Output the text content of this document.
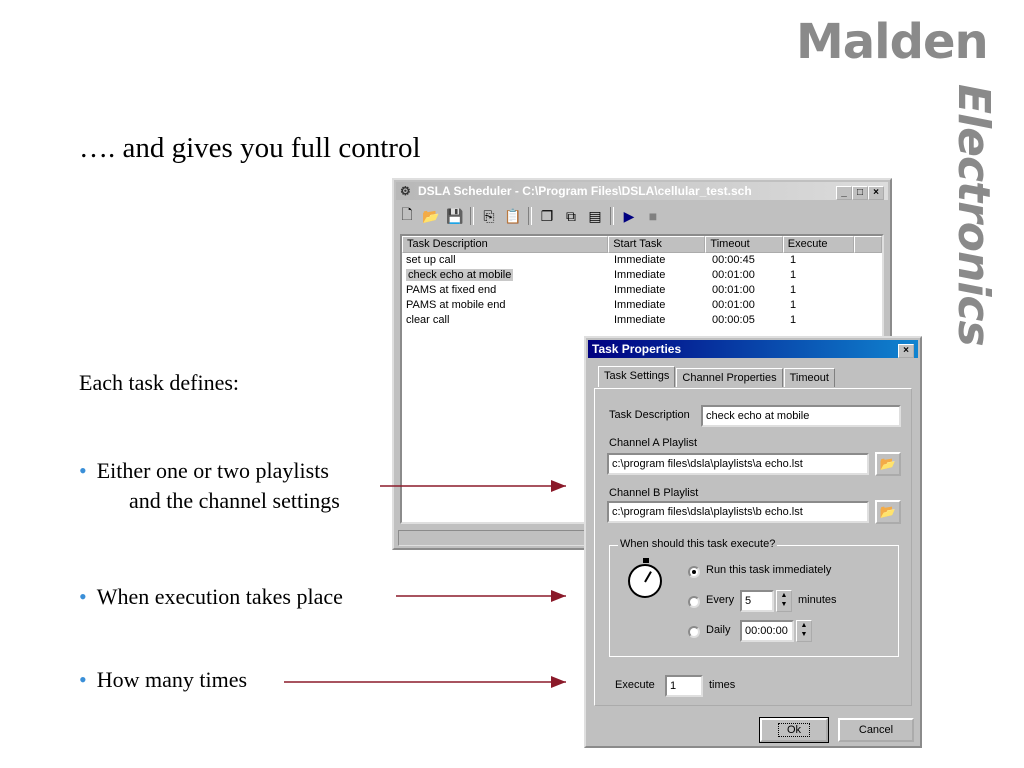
Malden
Electronics
…. and gives you full control
Each task defines:
• Either one or two playlists
and the channel settings
• When execution takes place
• How many times
⚙ DSLA Scheduler - C:\Program Files\DSLA\cellular_test.sch	_	□	×
🗋 📂 💾 ⎘ 📋 ❐ ⧉ ▤ ▶	■
Task Description	Start Task	Timeout	Execute
set up call	Immediate	00:00:45	1
check echo at mobile	Immediate	00:01:00	1
PAMS at fixed end	Immediate	00:01:00	1
PAMS at mobile end	Immediate	00:01:00	1
clear call	Immediate	00:00:05	1
Task Properties	×
Task Settings	Channel Properties	Timeout
Task Description	check echo at mobile
Channel A Playlist
c:\program files\dsla\playlists\a echo.lst	📂
Channel B Playlist
c:\program files\dsla\playlists\b echo.lst	📂
When should this task execute?
Run this task immediately
Every 5	▲
▼ minutes
Daily	00:00:00	▲
▼
Execute	1	times
Ok	Cancel
